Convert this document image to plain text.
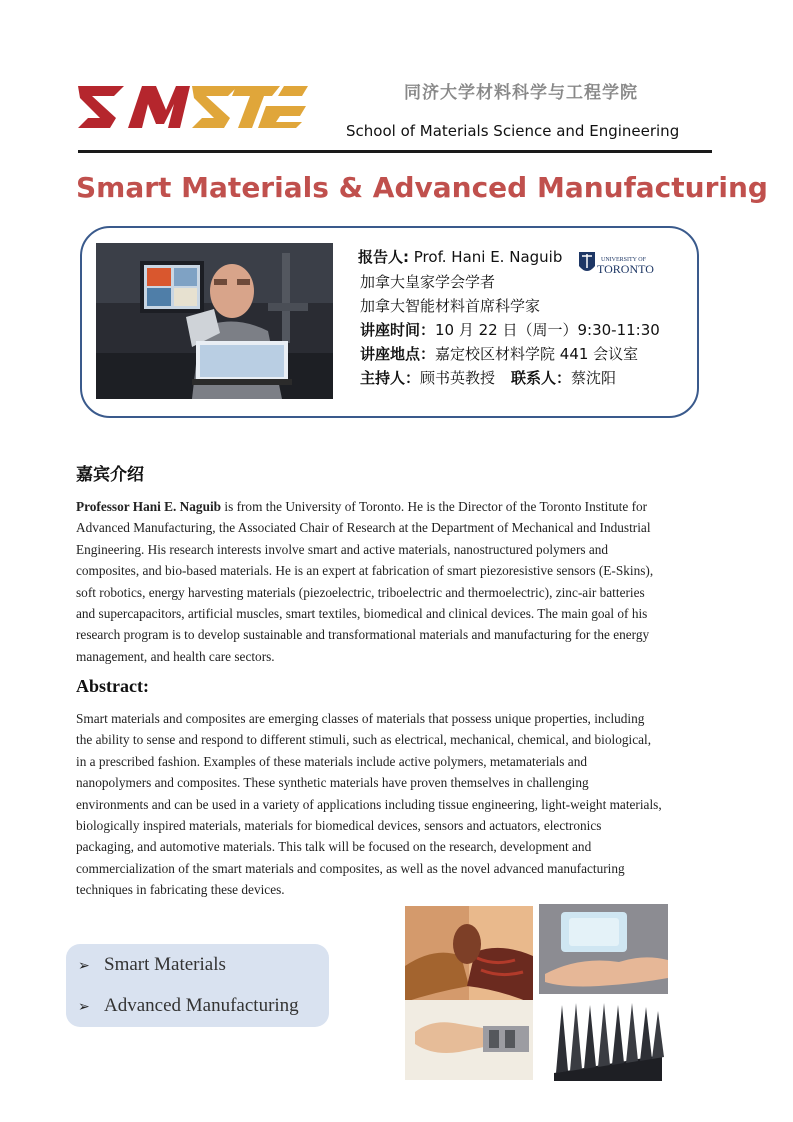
同济大学材料科学与工程学院
School of Materials Science and Engineering
Smart Materials & Advanced Manufacturing
报告人: Prof. Hani E. Naguib	UNIVERSITY OF
TORONTO
加拿大皇家学会学者
加拿大智能材料首席科学家
讲座时间：10 月 22 日（周一）9:30-11:30
讲座地点：嘉定校区材料学院 441 会议室
主持人：顾书英教授 联系人：蔡沈阳
嘉宾介绍
Professor Hani E. Naguib is from the University of Toronto. He is the Director of the Toronto Institute for
Advanced Manufacturing, the Associated Chair of Research at the Department of Mechanical and Industrial
Engineering. His research interests involve smart and active materials, nanostructured polymers and
composites, and bio-based materials. He is an expert at fabrication of smart piezoresistive sensors (E-Skins),
soft robotics, energy harvesting materials (piezoelectric, triboelectric and thermoelectric), zinc-air batteries
and supercapacitors, artificial muscles, smart textiles, biomedical and clinical devices. The main goal of his
research program is to develop sustainable and transformational materials and manufacturing for the energy
management, and health care sectors.
Abstract:
Smart materials and composites are emerging classes of materials that possess unique properties, including
the ability to sense and respond to different stimuli, such as electrical, mechanical, chemical, and biological,
in a prescribed fashion. Examples of these materials include active polymers, metamaterials and
nanopolymers and composites. These synthetic materials have proven themselves in challenging
environments and can be used in a variety of applications including tissue engineering, light-weight materials,
biologically inspired materials, materials for biomedical devices, sensors and actuators, electronics
packaging, and automotive materials. This talk will be focused on the research, development and
commercialization of the smart materials and composites, as well as the novel advanced manufacturing
techniques in fabricating these devices.
➢ Smart Materials
➢ Advanced Manufacturing
